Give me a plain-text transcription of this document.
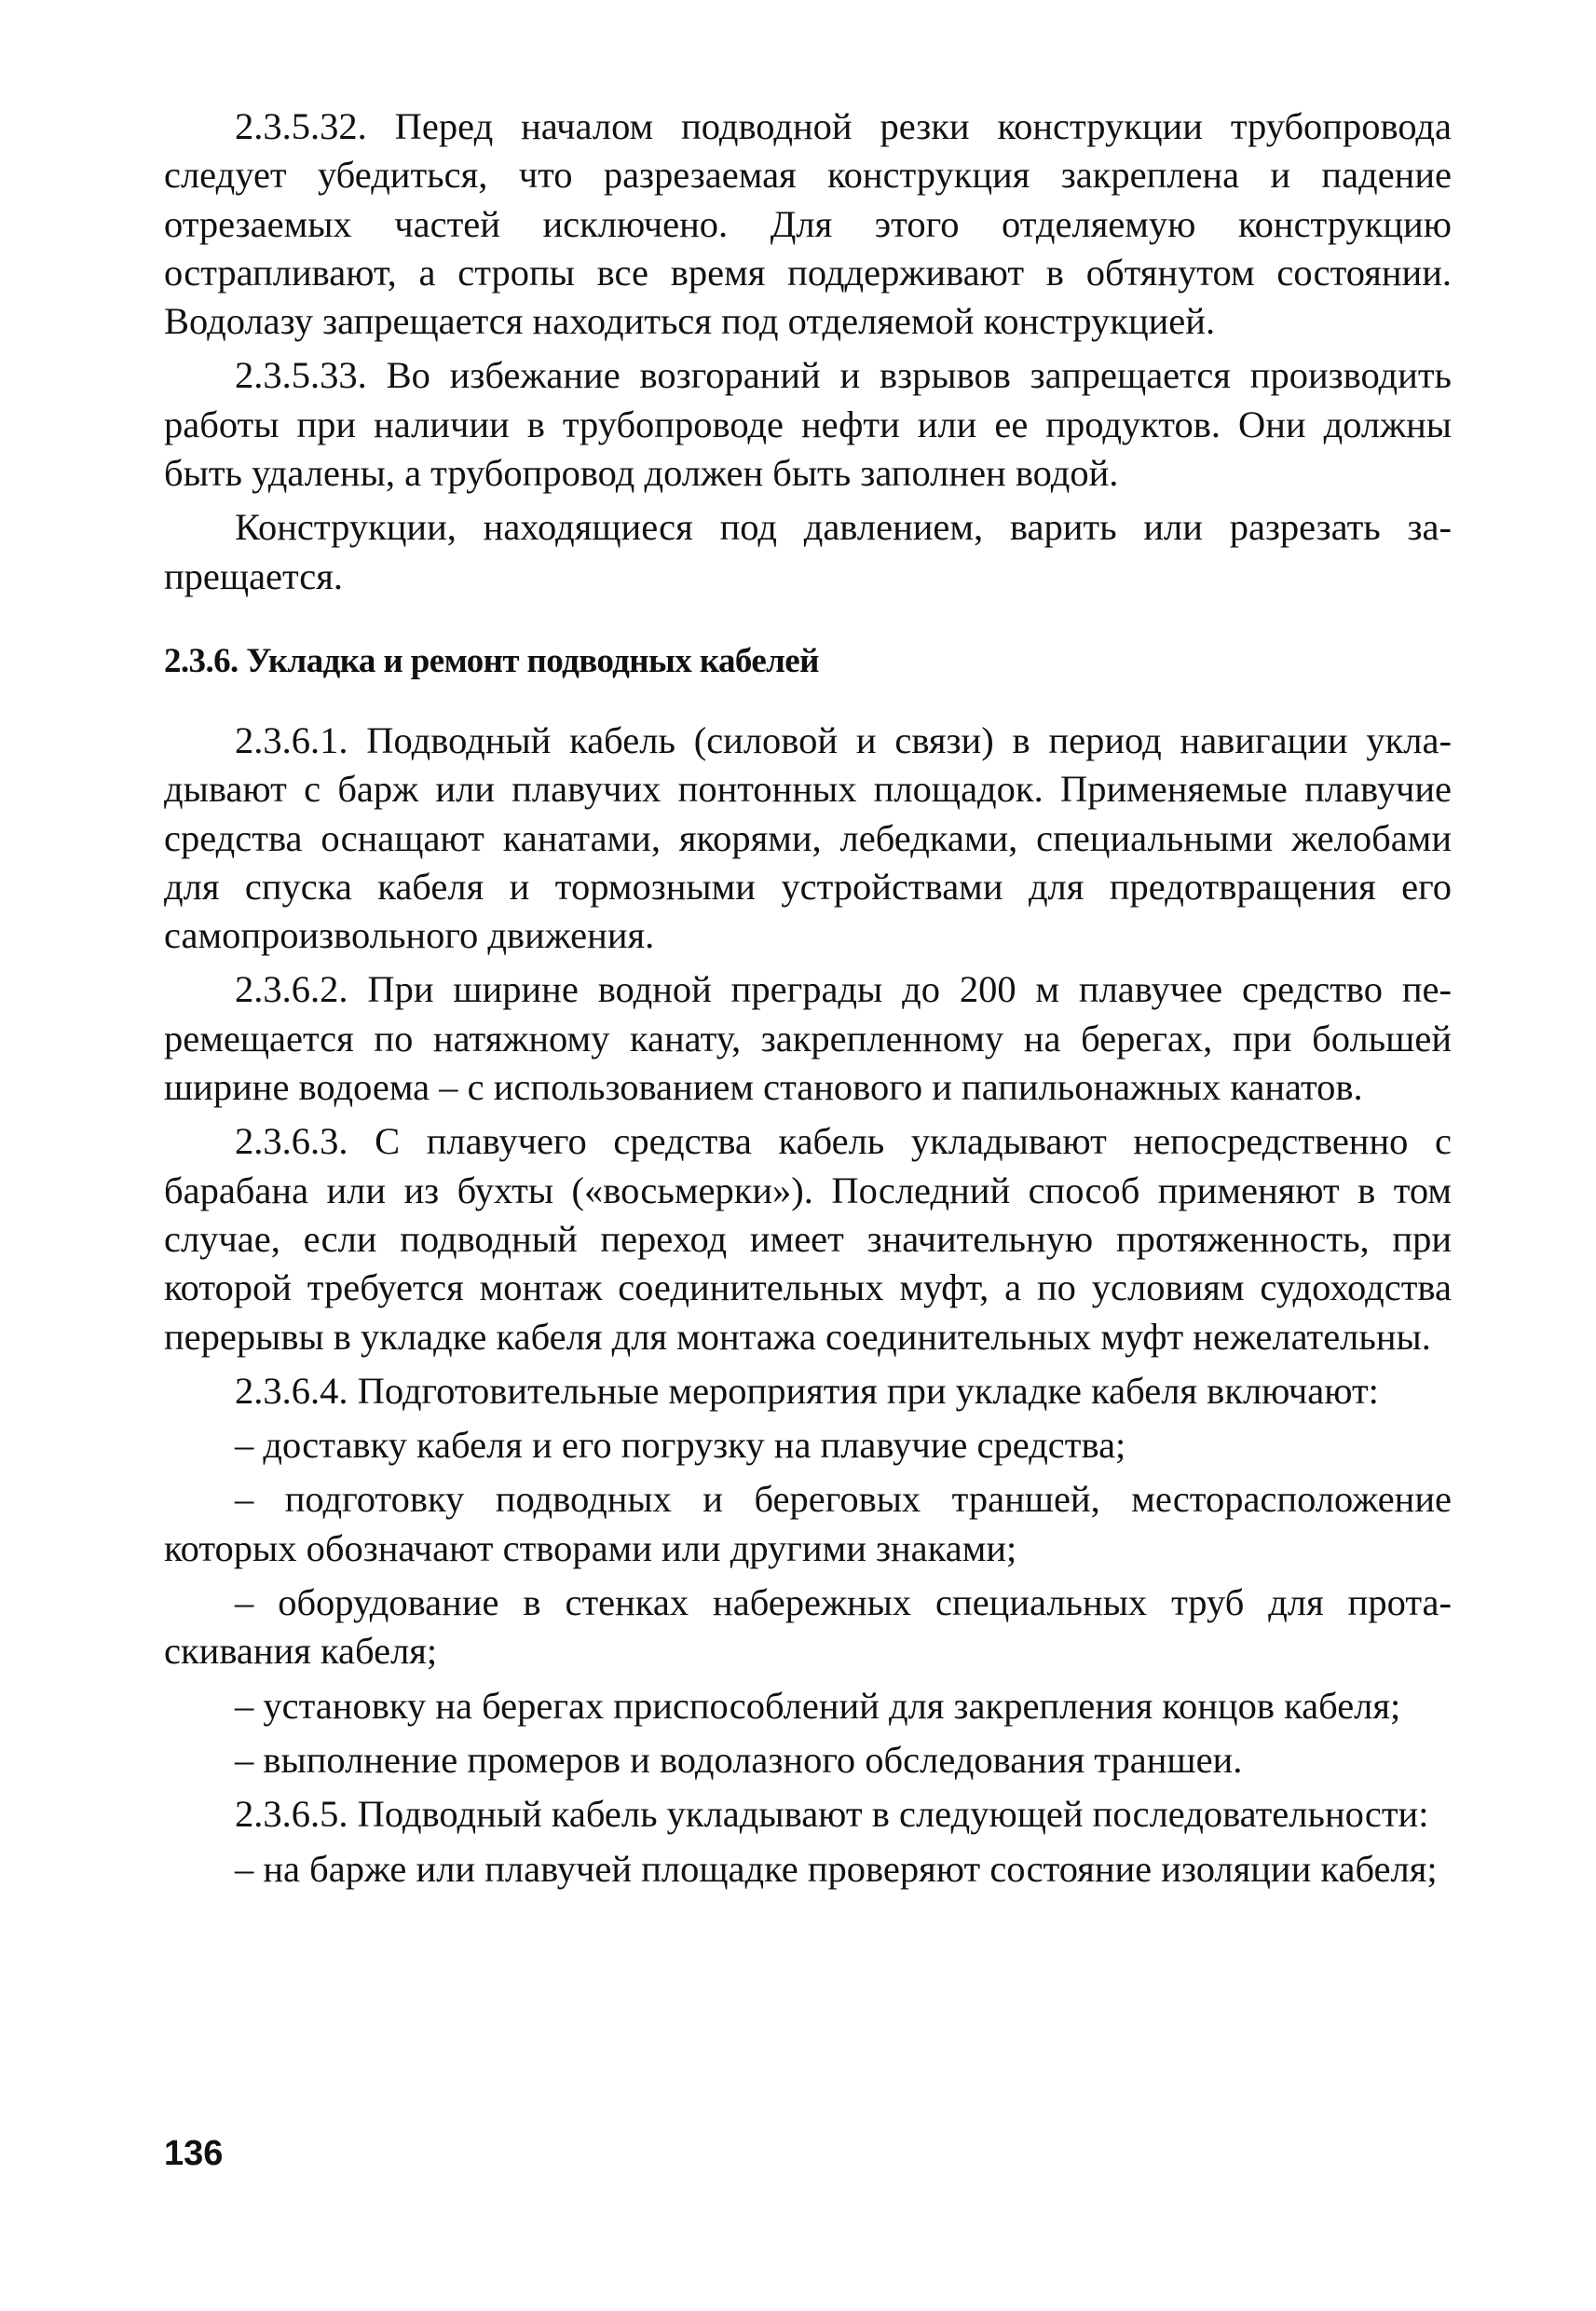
2.3.5.32. Перед началом подводной резки конструкции трубопровода следует убедиться, что разрезаемая конструкция закреплена и падение отрезаемых частей исключено. Для этого отделяемую конструкцию острапливают, а стропы все время поддерживают в обтянутом состоянии. Водолазу запрещается находиться под отделяемой конструкцией.

2.3.5.33. Во избежание возгораний и взрывов запрещается производить работы при наличии в трубопроводе нефти или ее продуктов. Они должны быть удалены, а трубопровод должен быть заполнен водой.

Конструкции, находящиеся под давлением, варить или разрезать запрещается.

2.3.6. Укладка и ремонт подводных кабелей

2.3.6.1. Подводный кабель (силовой и связи) в период навигации укладывают с барж или плавучих понтонных площадок. Применяемые плавучие средства оснащают канатами, якорями, лебедками, специальными желобами для спуска кабеля и тормозными устройствами для предотвращения его самопроизвольного движения.

2.3.6.2. При ширине водной преграды до 200 м плавучее средство перемещается по натяжному канату, закрепленному на берегах, при большей ширине водоема – с использованием станового и папильонажных канатов.

2.3.6.3. С плавучего средства кабель укладывают непосредственно с барабана или из бухты («восьмерки»). Последний способ применяют в том случае, если подводный переход имеет значительную протяженность, при которой требуется монтаж соединительных муфт, а по условиям судоходства перерывы в укладке кабеля для монтажа соединительных муфт нежелательны.

2.3.6.4. Подготовительные мероприятия при укладке кабеля включают:

– доставку кабеля и его погрузку на плавучие средства;

– подготовку подводных и береговых траншей, месторасположение которых обозначают створами или другими знаками;

– оборудование в стенках набережных специальных труб для протаскивания кабеля;

– установку на берегах приспособлений для закрепления концов кабеля;

– выполнение промеров и водолазного обследования траншеи.

2.3.6.5. Подводный кабель укладывают в следующей последовательности:

– на барже или плавучей площадке проверяют состояние изоляции кабеля;

136
